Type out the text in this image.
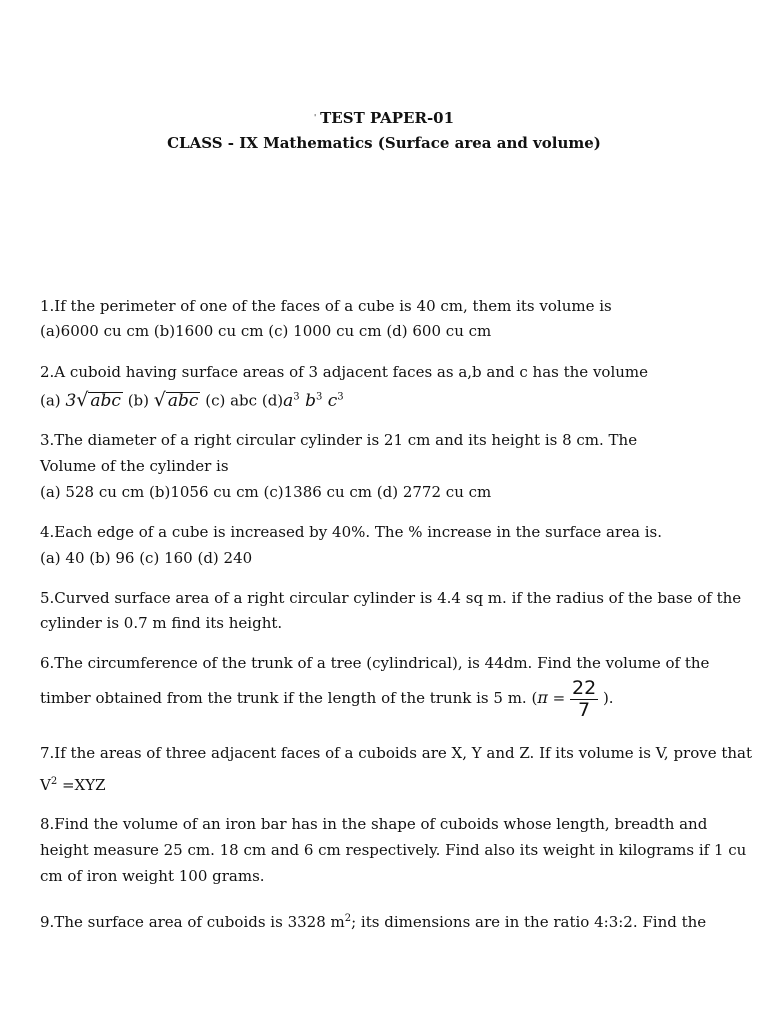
' TEST PAPER-01
CLASS - IX Mathematics (Surface area and volume)
1.If the perimeter of one of the faces of a cube is 40 cm, them its volume is
(a)6000 cu cm (b)1600 cu cm (c) 1000 cu cm (d) 600 cu cm
2.A cuboid having surface areas of 3 adjacent faces as a,b and c has the volume
(a) 3√ abc (b) √ abc (c) abc $(d)a^3$ $b^3$ $c^3$
3.The diameter of a right circular cylinder is 21 cm and its height is 8 cm. The
Volume of the cylinder is
(a) 528 cu cm (b)1056 cu cm (c)1386 cu cm (d) 2772 cu cm
4.Each edge of a cube is increased by 40%. The % increase in the surface area is.
(a) 40 (b) 96 (c) 160 (d) 240
5.Curved surface area of a right circular cylinder is 4.4 sq m. if the radius of the base of the
cylinder is 0.7 m find its height.
6.The circumference of the trunk of a tree (cylindrical), is 44dm. Find the volume of the
timber obtained from the trunk if the length of the trunk is 5 m. ($\pi = \frac{22}{7}$ ).
7.If the areas of three adjacent faces of a cuboids are X, Y and Z. If its volume is V, prove that
$V^2 =XYZ$
8.Find the volume of an iron bar has in the shape of cuboids whose length, breadth and
height measure 25 cm. 18 cm and 6 cm respectively. Find also its weight in kilograms if 1 cu
cm of iron weight 100 grams.
9.The surface area of cuboids is 3328 $m^2$; its dimensions are in the ratio 4:3:2. Find the
